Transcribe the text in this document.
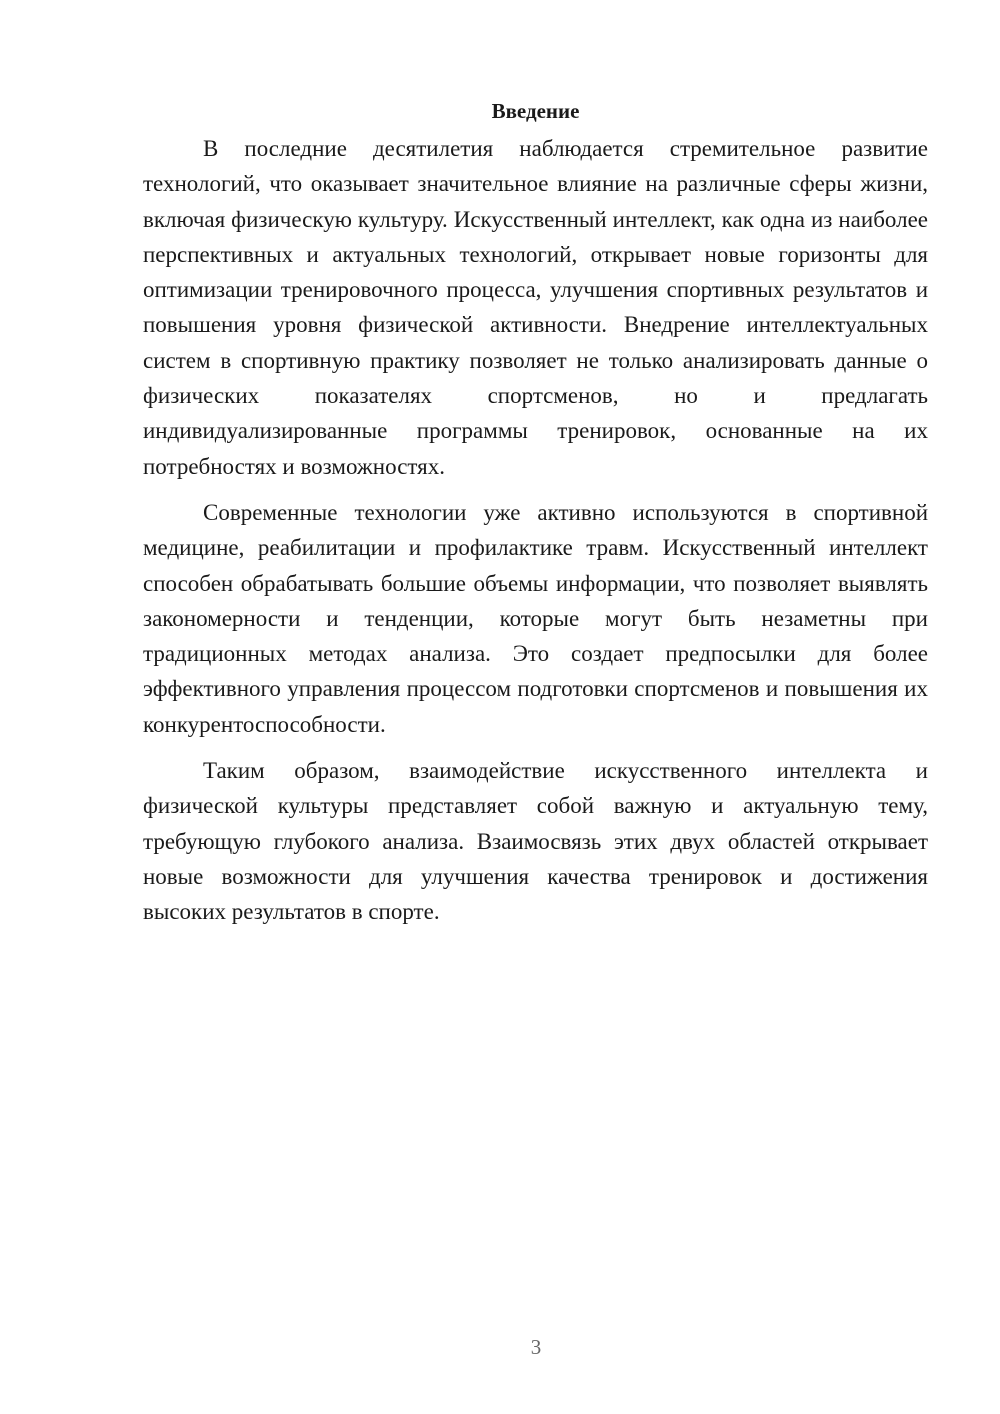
Введение

В последние десятилетия наблюдается стремительное развитие технологий, что оказывает значительное влияние на различные сферы жизни, включая физическую культуру. Искусственный интеллект, как одна из наиболее перспективных и актуальных технологий, открывает новые горизонты для оптимизации тренировочного процесса, улучшения спортивных результатов и повышения уровня физической активности. Внедрение интеллектуальных систем в спортивную практику позволяет не только анализировать данные о физических показателях спортсменов, но и предлагать индивидуализированные программы тренировок, основанные на их потребностях и возможностях.

Современные технологии уже активно используются в спортивной медицине, реабилитации и профилактике травм. Искусственный интеллект способен обрабатывать большие объемы информации, что позволяет выявлять закономерности и тенденции, которые могут быть незаметны при традиционных методах анализа. Это создает предпосылки для более эффективного управления процессом подготовки спортсменов и повышения их конкурентоспособности.

Таким образом, взаимодействие искусственного интеллекта и физической культуры представляет собой важную и актуальную тему, требующую глубокого анализа. Взаимосвязь этих двух областей открывает новые возможности для улучшения качества тренировок и достижения высоких результатов в спорте.

3
